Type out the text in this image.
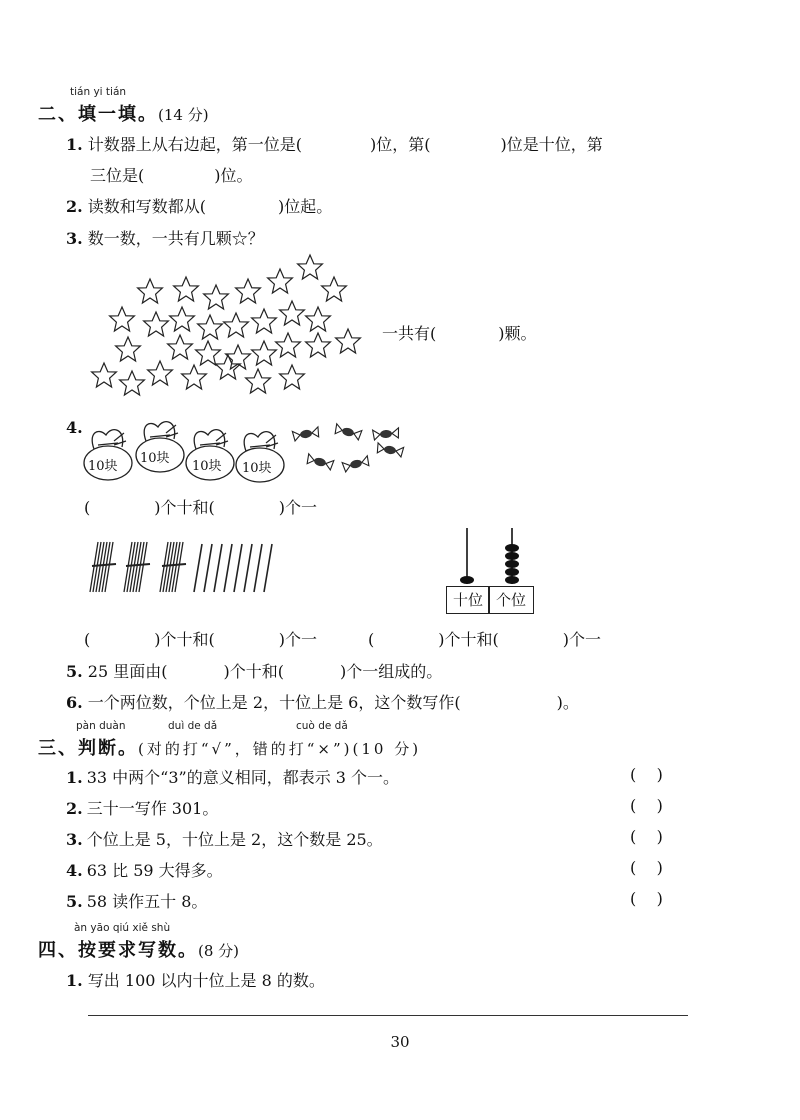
tián yi tián
二、填一填。(14 分)
1. 计数器上从右边起，第一位是(	)位，第(	)位是十位，第
三位是(	)位。
2. 读数和写数都从(	)位起。
3. 数一数，一共有几颗☆？
一共有(	)颗。
4.
10块
10块
10块 10块
(	)个十和(	)个一
十位 个位
(	)个十和(	)个一	(	)个十和(	)个一
5. 25 里面由(	)个十和(	)个一组成的。
6. 一个两位数，个位上是 2，十位上是 6，这个数写作(	)。
pàn duàn	duì de dǎ	cuò de dǎ
三、判断。(对的打“√”，错的打“×”)(10 分)
1. 33 中两个“3”的意义相同，都表示 3 个一。	(    )
2. 三十一写作 301。	(    )
3. 个位上是 5，十位上是 2，这个数是 25。	(    )
4. 63 比 59 大得多。	(    )
5. 58 读作五十 8。	(    )
àn yāo qiú xiě shù
四、按要求写数。(8 分)
1. 写出 100 以内十位上是 8 的数。
30
